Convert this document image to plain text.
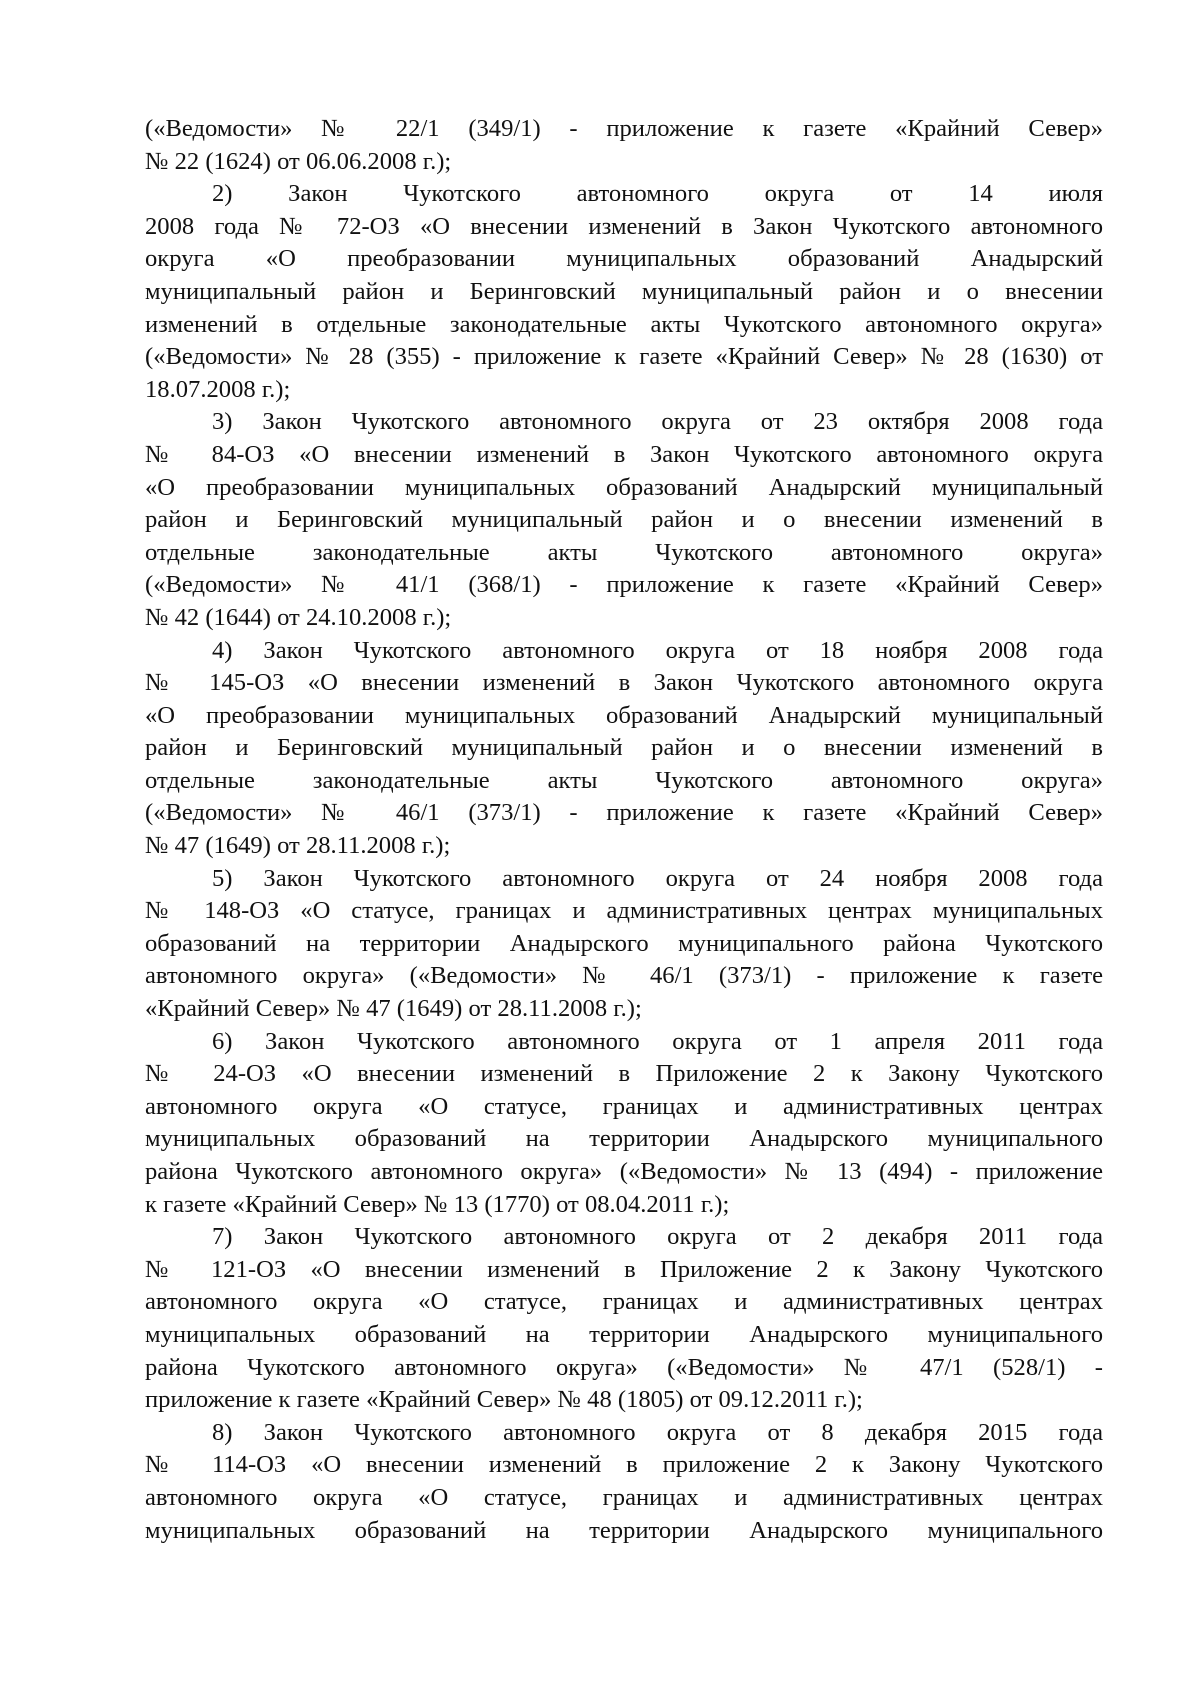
(«Ведомости» № 22/1 (349/1) - приложение к газете «Крайний Север»
№ 22 (1624) от 06.06.2008 г.);
2) Закон Чукотского автономного округа от 14 июля
2008 года № 72-ОЗ «О внесении изменений в Закон Чукотского автономного
округа «О преобразовании муниципальных образований Анадырский
муниципальный район и Беринговский муниципальный район и о внесении
изменений в отдельные законодательные акты Чукотского автономного округа»
(«Ведомости» № 28 (355) - приложение к газете «Крайний Север» № 28 (1630) от
18.07.2008 г.);
3) Закон Чукотского автономного округа от 23 октября 2008 года
№ 84-ОЗ «О внесении изменений в Закон Чукотского автономного округа
«О преобразовании муниципальных образований Анадырский муниципальный
район и Беринговский муниципальный район и о внесении изменений в
отдельные законодательные акты Чукотского автономного округа»
(«Ведомости» № 41/1 (368/1) - приложение к газете «Крайний Север»
№ 42 (1644) от 24.10.2008 г.);
4) Закон Чукотского автономного округа от 18 ноября 2008 года
№ 145-ОЗ «О внесении изменений в Закон Чукотского автономного округа
«О преобразовании муниципальных образований Анадырский муниципальный
район и Беринговский муниципальный район и о внесении изменений в
отдельные законодательные акты Чукотского автономного округа»
(«Ведомости» № 46/1 (373/1) - приложение к газете «Крайний Север»
№ 47 (1649) от 28.11.2008 г.);
5) Закон Чукотского автономного округа от 24 ноября 2008 года
№ 148-ОЗ «О статусе, границах и административных центрах муниципальных
образований на территории Анадырского муниципального района Чукотского
автономного округа» («Ведомости» № 46/1 (373/1) - приложение к газете
«Крайний Север» № 47 (1649) от 28.11.2008 г.);
6) Закон Чукотского автономного округа от 1 апреля 2011 года
№ 24-ОЗ «О внесении изменений в Приложение 2 к Закону Чукотского
автономного округа «О статусе, границах и административных центрах
муниципальных образований на территории Анадырского муниципального
района Чукотского автономного округа» («Ведомости» № 13 (494) - приложение
к газете «Крайний Север» № 13 (1770) от 08.04.2011 г.);
7) Закон Чукотского автономного округа от 2 декабря 2011 года
№ 121-ОЗ «О внесении изменений в Приложение 2 к Закону Чукотского
автономного округа «О статусе, границах и административных центрах
муниципальных образований на территории Анадырского муниципального
района Чукотского автономного округа» («Ведомости» № 47/1 (528/1) -
приложение к газете «Крайний Север» № 48 (1805) от 09.12.2011 г.);
8) Закон Чукотского автономного округа от 8 декабря 2015 года
№ 114-ОЗ «О внесении изменений в приложение 2 к Закону Чукотского
автономного округа «О статусе, границах и административных центрах
муниципальных образований на территории Анадырского муниципального
